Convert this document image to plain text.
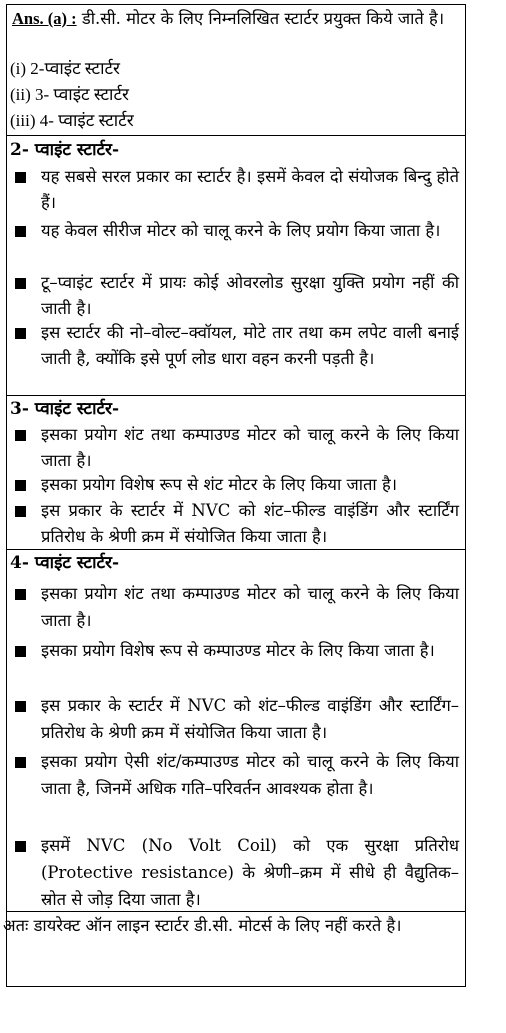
Ans. (a) : डी.सी. मोटर के लिए निम्नलिखित स्टार्टर प्रयुक्त किये जाते है।
(i) 2-प्वाइंट स्टार्टर
(ii) 3- प्वाइंट स्टार्टर
(iii) 4- प्वाइंट स्टार्टर
2- प्वाइंट स्टार्टर-
यह सबसे सरल प्रकार का स्टार्टर है। इसमें केवल दो संयोजक बिन्दु होते हैं।
यह केवल सीरीज मोटर को चालू करने के लिए प्रयोग किया जाता है।
टू–प्वाइंट स्टार्टर में प्रायः कोई ओवरलोड सुरक्षा युक्ति प्रयोग नहीं की जाती है।
इस स्टार्टर की नो–वोल्ट–क्वॉयल, मोटे तार तथा कम लपेट वाली बनाई जाती है, क्योंकि इसे पूर्ण लोड धारा वहन करनी पड़ती है।
3- प्वाइंट स्टार्टर-
इसका प्रयोग शंट तथा कम्पाउण्ड मोटर को चालू करने के लिए किया जाता है।
इसका प्रयोग विशेष रूप से शंट मोटर के लिए किया जाता है।
इस प्रकार के स्टार्टर में NVC को शंट–फील्ड वाइंडिंग और स्टार्टिंग प्रतिरोध के श्रेणी क्रम में संयोजित किया जाता है।
4- प्वाइंट स्टार्टर-
इसका प्रयोग शंट तथा कम्पाउण्ड मोटर को चालू करने के लिए किया जाता है।
इसका प्रयोग विशेष रूप से कम्पाउण्ड मोटर के लिए किया जाता है।
इस प्रकार के स्टार्टर में NVC को शंट–फील्ड वाइंडिंग और स्टार्टिंग–प्रतिरोध के श्रेणी क्रम में संयोजित किया जाता है।
इसका प्रयोग ऐसी शंट/कम्पाउण्ड मोटर को चालू करने के लिए किया जाता है, जिनमें अधिक गति–परिवर्तन आवश्यक होता है।
इसमें NVC (No Volt Coil) को एक सुरक्षा प्रतिरोध (Protective resistance) के श्रेणी–क्रम में सीधे ही वैद्युतिक–स्रोत से जोड़ दिया जाता है।
अतः डायरेक्ट ऑन लाइन स्टार्टर डी.सी. मोटर्स के लिए नहीं करते है।
